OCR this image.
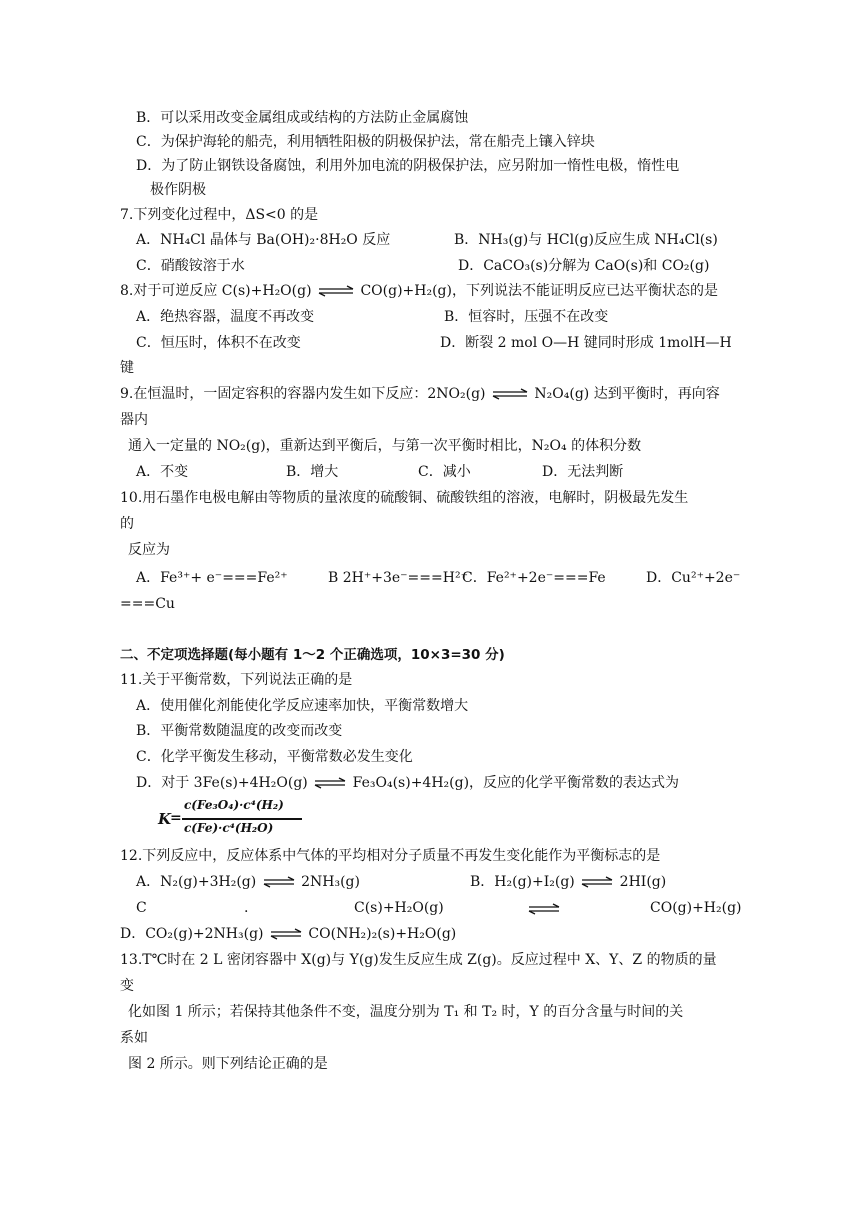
B．可以采用改变金属组成或结构的方法防止金属腐蚀
C．为保护海轮的船壳，利用牺牲阳极的阴极保护法，常在船壳上镶入锌块
D．为了防止钢铁设备腐蚀，利用外加电流的阴极保护法，应另附加一惰性电极，惰性电
极作阴极
7.下列变化过程中，ΔS<0 的是
A．NH₄Cl 晶体与 Ba(OH)₂·8H₂O 反应	B．NH₃(g)与 HCl(g)反应生成 NH₄Cl(s)
C．硝酸铵溶于水	D．CaCO₃(s)分解为 CaO(s)和 CO₂(g)
8.对于可逆反应 C(s)+H₂O(g) ⇌ CO(g)+H₂(g)，下列说法不能证明反应已达平衡状态的是
A．绝热容器，温度不再改变	B．恒容时，压强不在改变
C．恒压时，体积不在改变	D．断裂 2 mol O—H 键同时形成 1molH—H
键
9.在恒温时，一固定容积的容器内发生如下反应：2NO₂(g) ⇌ N₂O₄(g) 达到平衡时，再向容
器内
通入一定量的 NO₂(g)，重新达到平衡后，与第一次平衡时相比，N₂O₄ 的体积分数
A．不变	B．增大	C．减小	D．无法判断
10.用石墨作电极电解由等物质的量浓度的硫酸铜、硫酸铁组的溶液，电解时，阴极最先发生
的
反应为
A．Fe³⁺+ e⁻===Fe²⁺	B 2H⁺+3e⁻===H²⁺
C．Fe²⁺+2e⁻===Fe	D．Cu²⁺+2e⁻
===Cu
二、不定项选择题(每小题有 1～2 个正确选项，10×3=30 分)
11.关于平衡常数，下列说法正确的是
A．使用催化剂能使化学反应速率加快，平衡常数增大
B．平衡常数随温度的改变而改变
C．化学平衡发生移动，平衡常数必发生变化
D．对于 3Fe(s)+4H₂O(g) ⇌ Fe₃O₄(s)+4H₂(g)，反应的化学平衡常数的表达式为
K
=
c(Fe₃O₄)·c⁴(H₂)
c(Fe)·c⁴(H₂O)
12.下列反应中，反应体系中气体的平均相对分子质量不再发生变化能作为平衡标志的是
A．N₂(g)+3H₂(g) ⇌ 2NH₃(g)	B．H₂(g)+I₂(g) ⇌ 2HI(g)
C	.	C(s)+H₂O(g)	CO(g)+H₂(g)
D．CO₂(g)+2NH₃(g) ⇌ CO(NH₂)₂(s)+H₂O(g)
13.T℃时在 2 L 密闭容器中 X(g)与 Y(g)发生反应生成 Z(g)。反应过程中 X、Y、Z 的物质的量
变
化如图 1 所示；若保持其他条件不变，温度分别为 T₁ 和 T₂ 时，Y 的百分含量与时间的关
系如
图 2 所示。则下列结论正确的是
